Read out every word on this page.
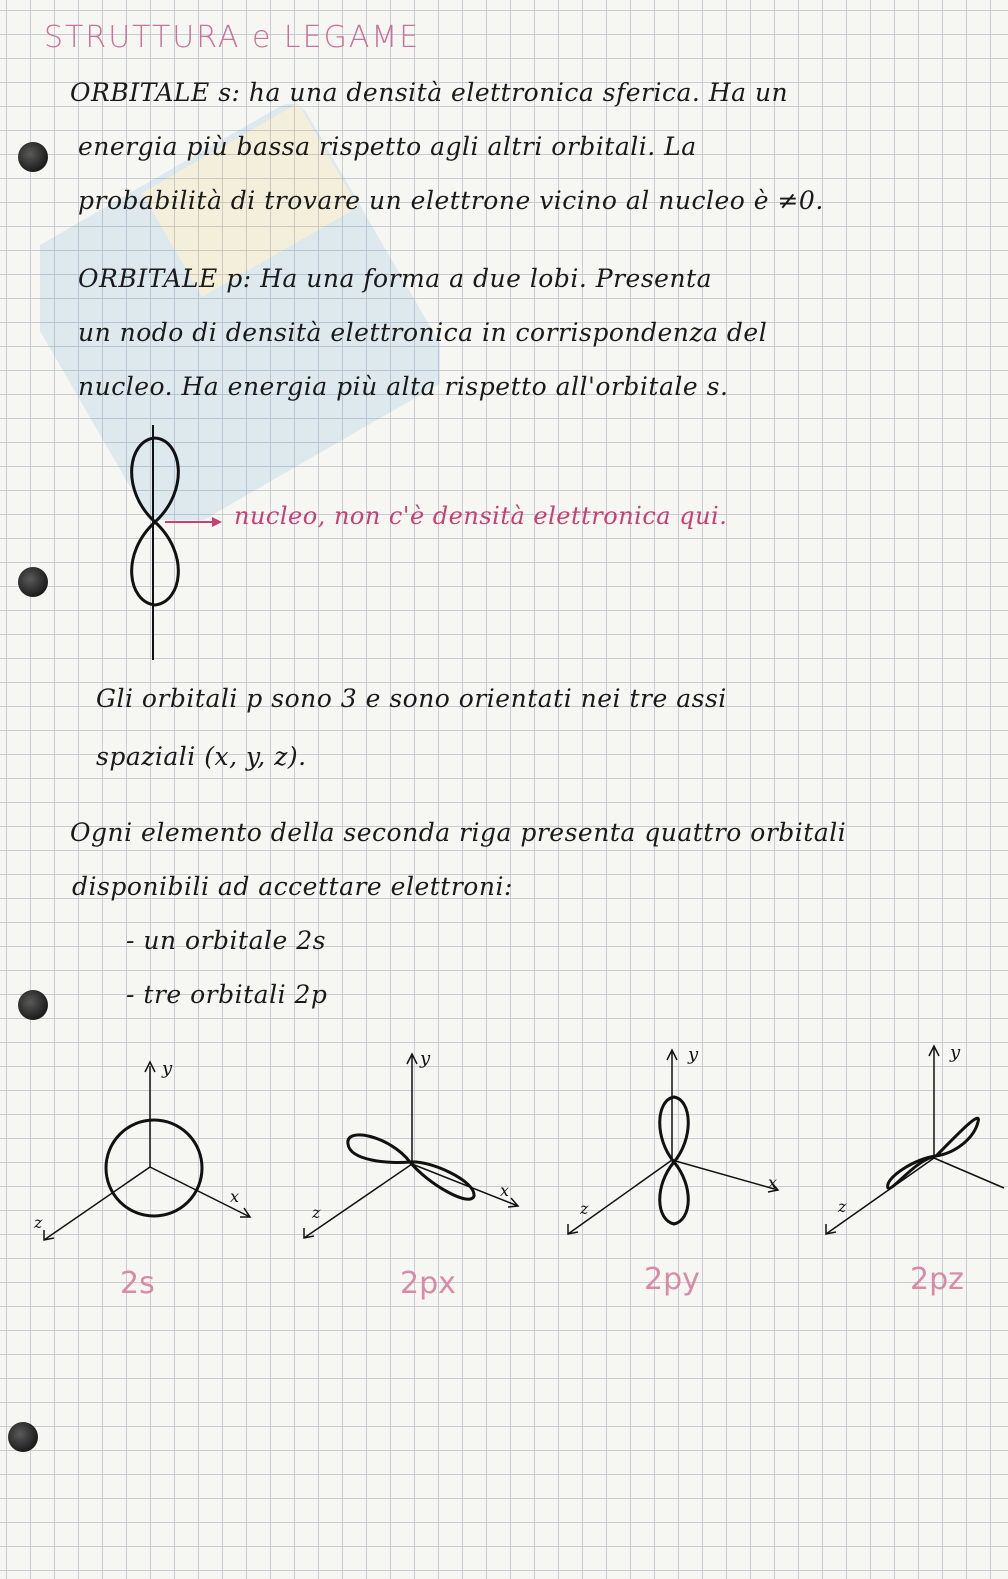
STRUTTURA e LEGAME
ORBITALE s: ha una densità elettronica sferica. Ha un
energia più bassa rispetto agli altri orbitali. La
probabilità di trovare un elettrone vicino al nucleo è ≠0.
ORBITALE p: Ha una forma a due lobi. Presenta
un nodo di densità elettronica in corrispondenza del
nucleo. Ha energia più alta rispetto all'orbitale s.
nucleo, non c'è densità elettronica qui.
Gli orbitali p sono 3 e sono orientati nei tre assi
spaziali (x, y, z).
Ogni elemento della seconda riga presenta quattro orbitali
disponibili ad accettare elettroni:
- un orbitale 2s
- tre orbitali 2p
y
x
z
2s
y
x
z
2px
y
x
z
2py
y
z
2pz
